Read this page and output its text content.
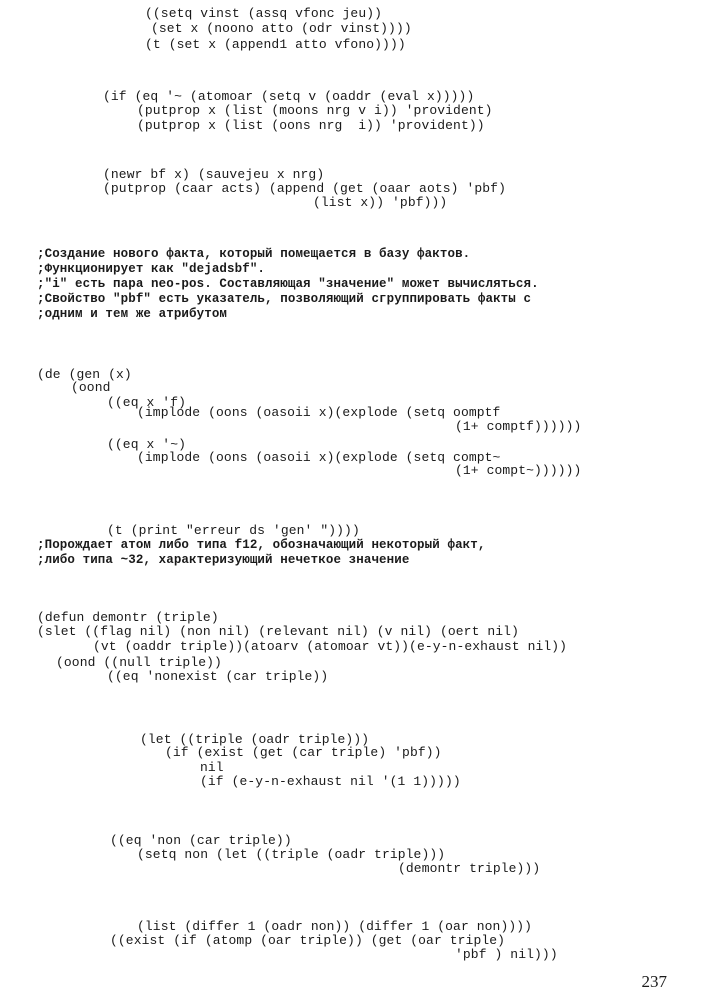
((setq vinst (assq vfonc jeu))
(set x (noono atto (odr vinst))))
(t (set x (append1 atto vfono))))
(if (eq '~ (atomoar (setq v (oaddr (eval x)))))
(putprop x (list (moons nrg v i)) 'provident)
(putprop x (list (oons nrg  i)) 'provident))
(newr bf x) (sauvejeu x nrg)
(putprop (caar acts) (append (get (oaar aots) 'pbf)
(list x)) 'pbf)))
;Создание нового факта, который помещается в базу фактов.
;Функционирует как "dejadsbf".
;"i" есть пара neo-pos. Составляющая "значение" может вычисляться.
;Свойство "pbf" есть указатель, позволяющий сгруппировать факты с
;одним и тем же атрибутом
(de (gen (x)
(oond
((eq x 'f)
(implode (oons (oasoii x)(explode (setq oomptf
(1+ comptf))))))
((eq x '~)
(implode (oons (oasoii x)(explode (setq compt~
(1+ compt~))))))
(t (print "erreur ds 'gen' "))))
;Порождает атом либо типа f12, обозначающий некоторый факт,
;либо типа ~32, характеризующий нечеткое значение
(defun demontr (triple)
(slet ((flag nil) (non nil) (relevant nil) (v nil) (oert nil)
(vt (oaddr triple))(atoarv (atomoar vt))(e-y-n-exhaust nil))
(oond ((null triple))
((eq 'nonexist (car triple))
(let ((triple (oadr triple)))
(if (exist (get (car triple) 'pbf))
nil
(if (e-y-n-exhaust nil '(1 1)))))
((eq 'non (car triple))
(setq non (let ((triple (oadr triple)))
(demontr triple)))
(list (differ 1 (oadr non)) (differ 1 (oar non))))
((exist (if (atomp (oar triple)) (get (oar triple)
'pbf ) nil)))
237
